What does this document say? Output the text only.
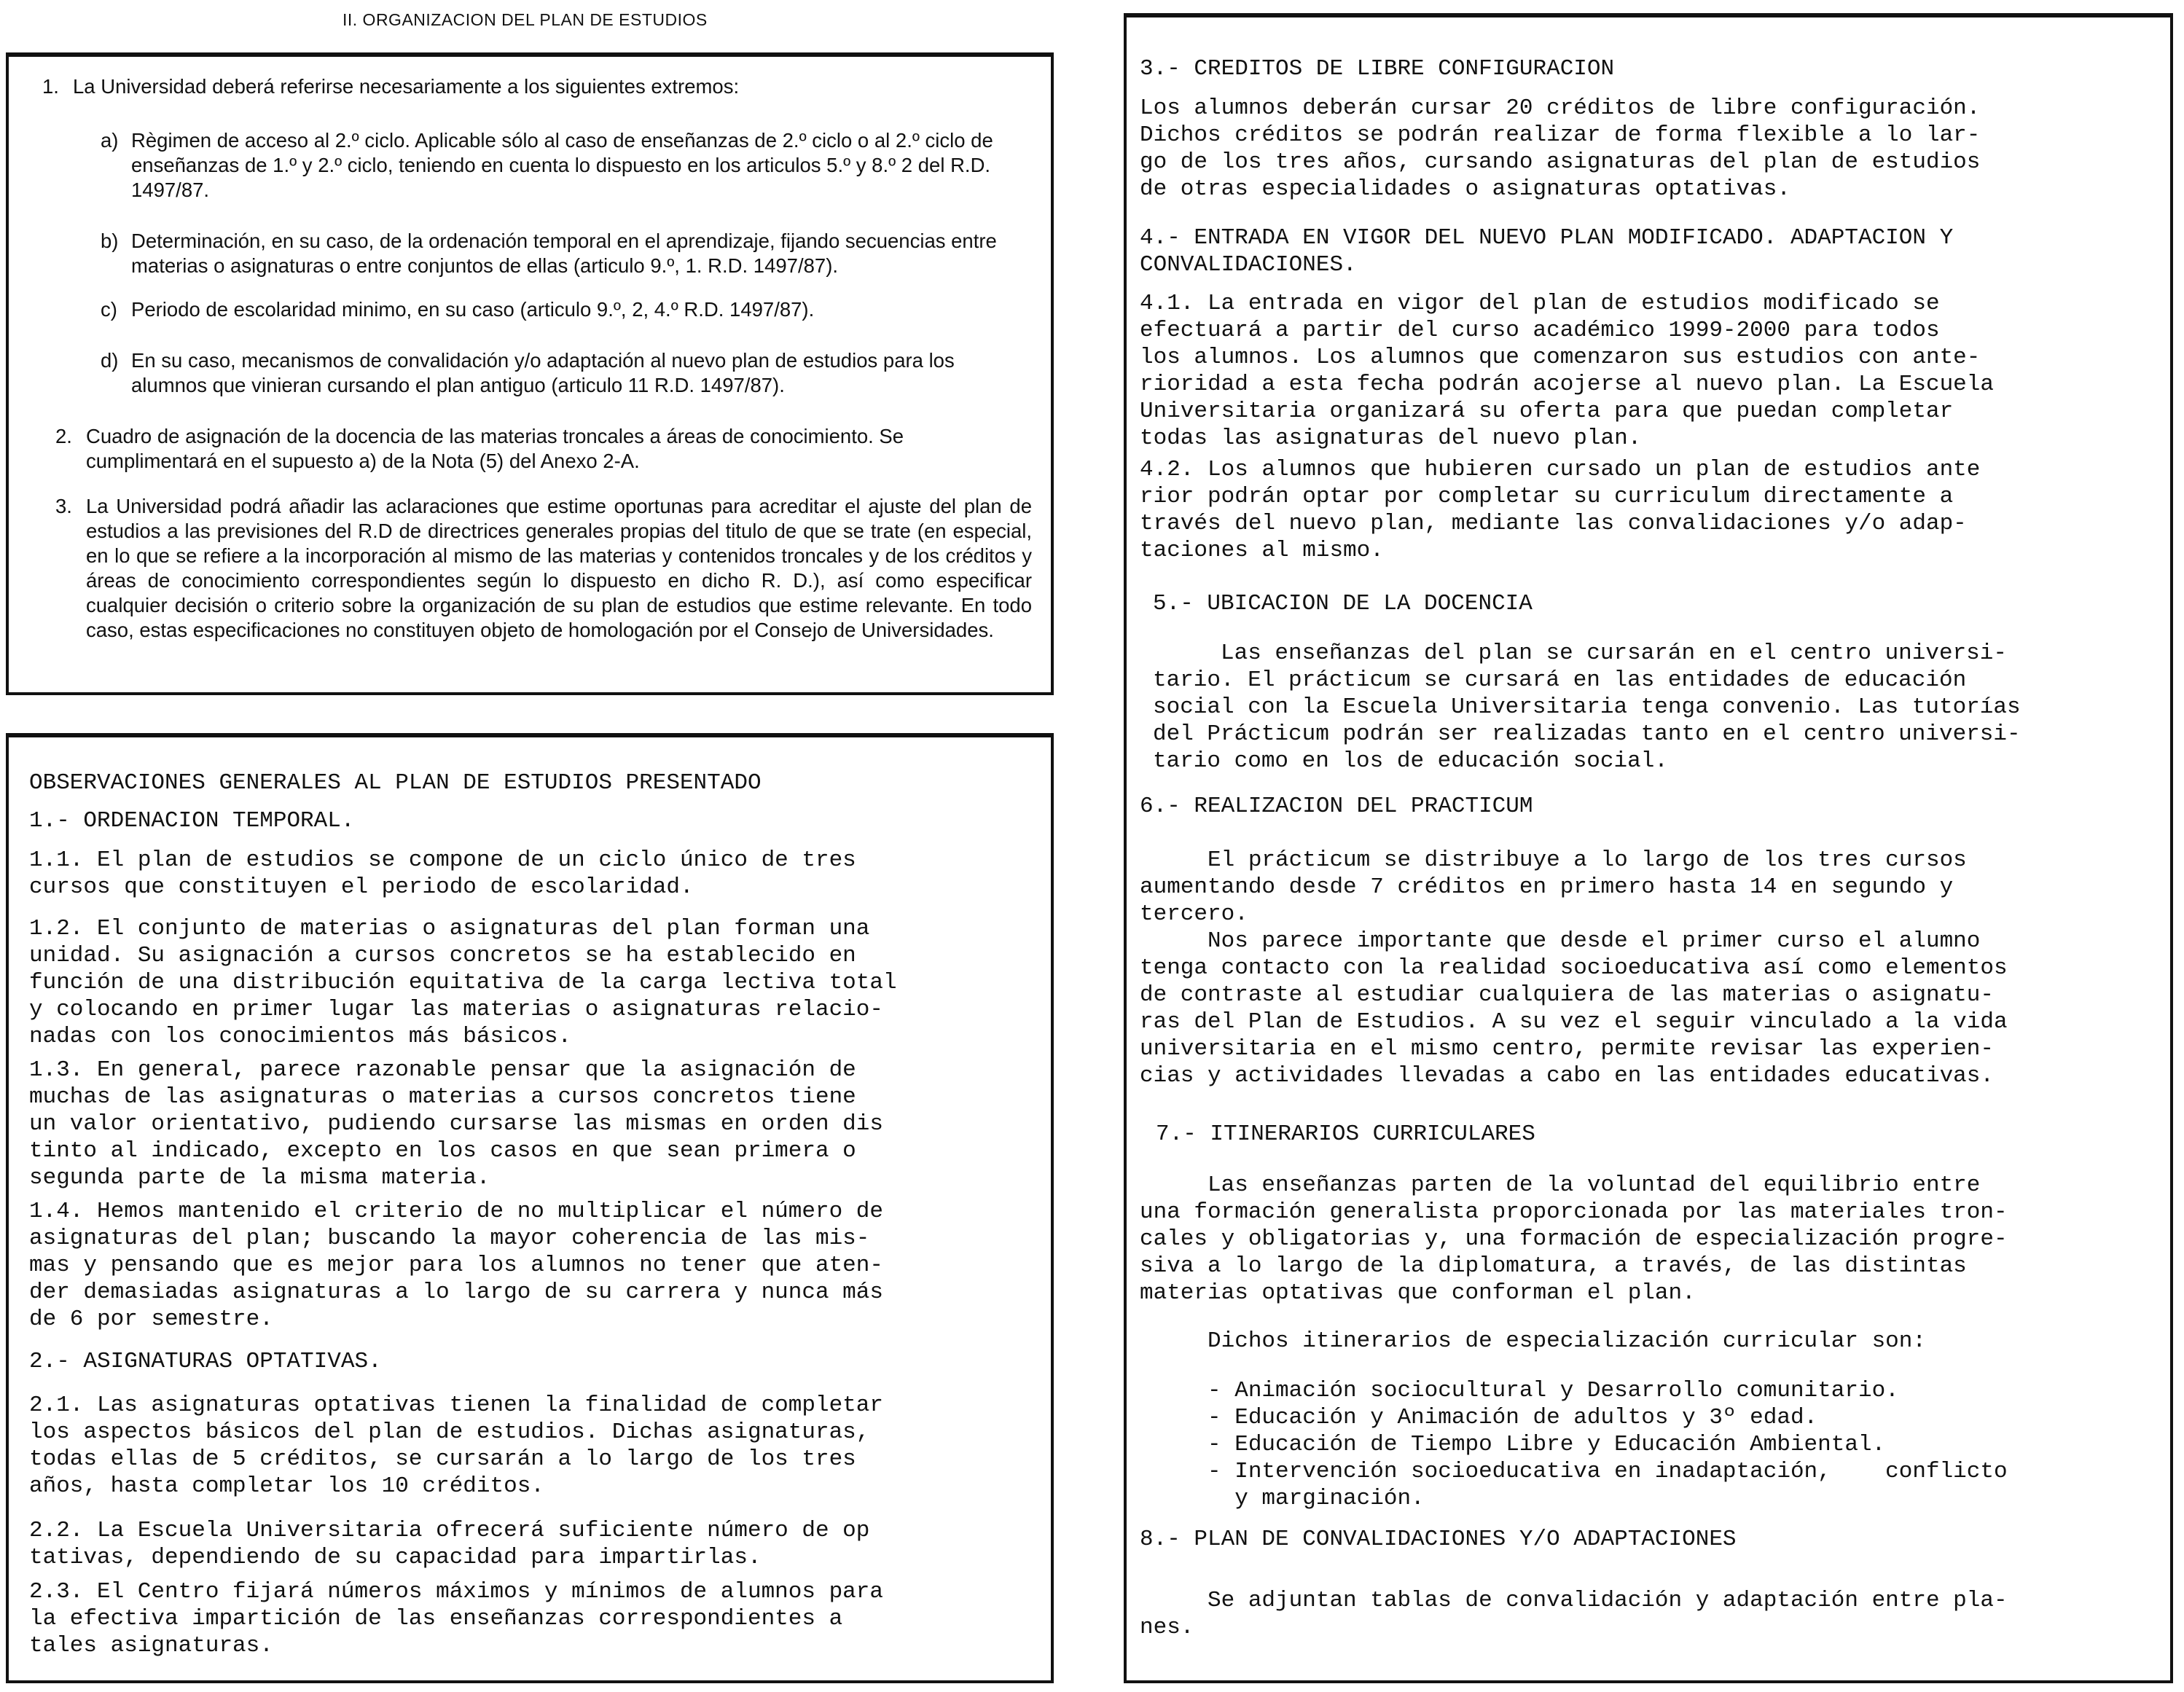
II. ORGANIZACION DEL PLAN DE ESTUDIOS

1. La Universidad deberá referirse necesariamente a los siguientes extremos:

a) Règimen de acceso al 2.º ciclo. Aplicable sólo al caso de enseñanzas de 2.º ciclo o al 2.º ciclo de enseñanzas de 1.º y 2.º ciclo, teniendo en cuenta lo dispuesto en los articulos 5.º y 8.º 2 del R.D. 1497/87.

b) Determinación, en su caso, de la ordenación temporal en el aprendizaje, fijando secuencias entre materias o asignaturas o entre conjuntos de ellas (articulo 9.º, 1. R.D. 1497/87).

c) Periodo de escolaridad minimo, en su caso (articulo 9.º, 2, 4.º R.D. 1497/87).

d) En su caso, mecanismos de convalidación y/o adaptación al nuevo plan de estudios para los alumnos que vinieran cursando el plan antiguo (articulo 11 R.D. 1497/87).

2. Cuadro de asignación de la docencia de las materias troncales a áreas de conocimiento. Se cumplimentará en el supuesto a) de la Nota (5) del Anexo 2-A.

3. La Universidad podrá añadir las aclaraciones que estime oportunas para acreditar el ajuste del plan de estudios a las previsiones del R.D de directrices generales propias del titulo de que se trate (en especial, en lo que se refiere a la incorporación al mismo de las materias y contenidos troncales y de los créditos y áreas de conocimiento correspondientes según lo dispuesto en dicho R. D.), así como especificar cualquier decisión o criterio sobre la organización de su plan de estudios que estime relevante. En todo caso, estas especificaciones no constituyen objeto de homologación por el Consejo de Universidades.

OBSERVACIONES GENERALES AL PLAN DE ESTUDIOS PRESENTADO

1.- ORDENACION TEMPORAL.

1.1. El plan de estudios se compone de un ciclo único de tres
cursos que constituyen el periodo de escolaridad.

1.2. El conjunto de materias o asignaturas del plan forman una
unidad. Su asignación a cursos concretos se ha establecido en
función de una distribución equitativa de la carga lectiva total
y colocando en primer lugar las materias o asignaturas relacio-
nadas con los conocimientos más básicos.

1.3. En general, parece razonable pensar que la asignación de
muchas de las asignaturas o materias a cursos concretos tiene
un valor orientativo, pudiendo cursarse las mismas en orden dis
tinto al indicado, excepto en los casos en que sean primera o
segunda parte de la misma materia.

1.4. Hemos mantenido el criterio de no multiplicar el número de
asignaturas del plan; buscando la mayor coherencia de las mis-
mas y pensando que es mejor para los alumnos no tener que aten-
der demasiadas asignaturas a lo largo de su carrera y nunca más
de 6 por semestre.

2.- ASIGNATURAS OPTATIVAS.

2.1. Las asignaturas optativas tienen la finalidad de completar
los aspectos básicos del plan de estudios. Dichas asignaturas,
todas ellas de 5 créditos, se cursarán a lo largo de los tres
años, hasta completar los 10 créditos.

2.2. La Escuela Universitaria ofrecerá suficiente número de op
tativas, dependiendo de su capacidad para impartirlas.

2.3. El Centro fijará números máximos y mínimos de alumnos para
la efectiva impartición de las enseñanzas correspondientes a
tales asignaturas.

3.- CREDITOS DE LIBRE CONFIGURACION

Los alumnos deberán cursar 20 créditos de libre configuración.
Dichos créditos se podrán realizar de forma flexible a lo lar-
go de los tres años, cursando asignaturas del plan de estudios
de otras especialidades o asignaturas optativas.

4.- ENTRADA EN VIGOR DEL NUEVO PLAN MODIFICADO. ADAPTACION Y
CONVALIDACIONES.

4.1. La entrada en vigor del plan de estudios modificado se
efectuará a partir del curso académico 1999-2000 para todos
los alumnos. Los alumnos que comenzaron sus estudios con ante-
rioridad a esta fecha podrán acojerse al nuevo plan. La Escuela
Universitaria organizará su oferta para que puedan completar
todas las asignaturas del nuevo plan.

4.2. Los alumnos que hubieren cursado un plan de estudios ante
rior podrán optar por completar su curriculum directamente a
través del nuevo plan, mediante las convalidaciones y/o adap-
taciones al mismo.

5.- UBICACION DE LA DOCENCIA

Las enseñanzas del plan se cursarán en el centro universi-
tario. El prácticum se cursará en las entidades de educación
social con la Escuela Universitaria tenga convenio. Las tutorías
del Prácticum podrán ser realizadas tanto en el centro universi-
tario como en los de educación social.

6.- REALIZACION DEL PRACTICUM

El prácticum se distribuye a lo largo de los tres cursos
aumentando desde 7 créditos en primero hasta 14 en segundo y
tercero.
Nos parece importante que desde el primer curso el alumno
tenga contacto con la realidad socioeducativa así como elementos
de contraste al estudiar cualquiera de las materias o asignatu-
ras del Plan de Estudios. A su vez el seguir vinculado a la vida
universitaria en el mismo centro, permite revisar las experien-
cias y actividades llevadas a cabo en las entidades educativas.

7.- ITINERARIOS CURRICULARES

Las enseñanzas parten de la voluntad del equilibrio entre
una formación generalista proporcionada por las materiales tron-
cales y obligatorias y, una formación de especialización progre-
siva a lo largo de la diplomatura, a través, de las distintas
materias optativas que conforman el plan.

Dichos itinerarios de especialización curricular son:

- Animación sociocultural y Desarrollo comunitario.
- Educación y Animación de adultos y 3º edad.
- Educación de Tiempo Libre y Educación Ambiental.
- Intervención socioeducativa en inadaptación,    conflicto
y marginación.

8.- PLAN DE CONVALIDACIONES Y/O ADAPTACIONES

Se adjuntan tablas de convalidación y adaptación entre pla-
nes.
